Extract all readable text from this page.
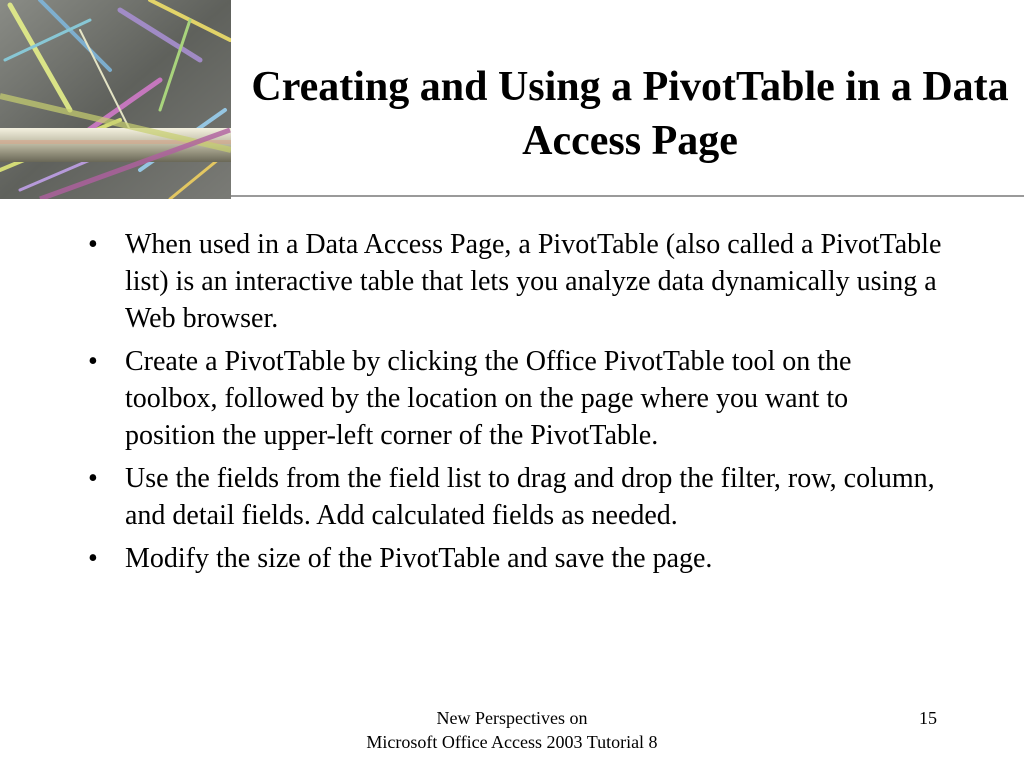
Creating and Using a PivotTable in a Data Access Page
• When used in a Data Access Page, a PivotTable (also called a PivotTable list) is an interactive table that lets you analyze data dynamically using a Web browser.
• Create a PivotTable by clicking the Office PivotTable tool on the toolbox, followed by the location on the page where you want to position the upper-left corner of the PivotTable.
• Use the fields from the field list to drag and drop the filter, row, column, and detail fields. Add calculated fields as needed.
• Modify the size of the PivotTable and save the page.
New Perspectives on
Microsoft Office Access 2003 Tutorial 8
15
